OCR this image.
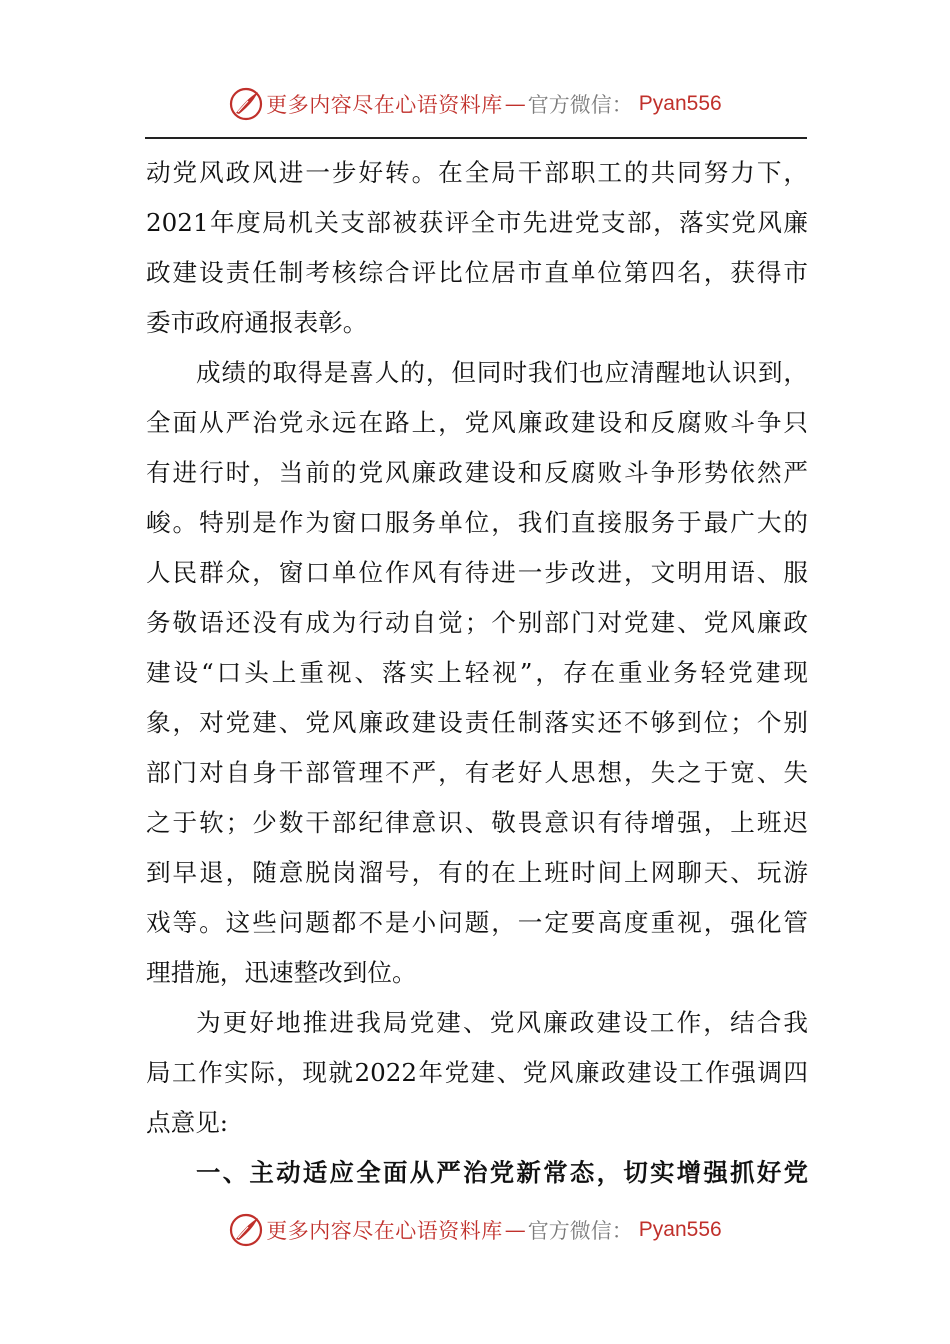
更多内容尽在心语资料库 — 官方微信： Pyan556
动党风政风进一步好转。在全局干部职工的共同努力下，
2021年度局机关支部被获评全市先进党支部，落实党风廉
政建设责任制考核综合评比位居市直单位第四名，获得市
委市政府通报表彰。
成绩的取得是喜人的，但同时我们也应清醒地认识到，
全面从严治党永远在路上，党风廉政建设和反腐败斗争只
有进行时，当前的党风廉政建设和反腐败斗争形势依然严
峻。特别是作为窗口服务单位，我们直接服务于最广大的
人民群众，窗口单位作风有待进一步改进，文明用语、服
务敬语还没有成为行动自觉；个别部门对党建、党风廉政
建设“口头上重视、落实上轻视”，存在重业务轻党建现
象，对党建、党风廉政建设责任制落实还不够到位；个别
部门对自身干部管理不严，有老好人思想，失之于宽、失
之于软；少数干部纪律意识、敬畏意识有待增强，上班迟
到早退，随意脱岗溜号，有的在上班时间上网聊天、玩游
戏等。这些问题都不是小问题，一定要高度重视，强化管
理措施，迅速整改到位。
为更好地推进我局党建、党风廉政建设工作，结合我
局工作实际，现就2022年党建、党风廉政建设工作强调四
点意见:
一、主动适应全面从严治党新常态，切实增强抓好党
更多内容尽在心语资料库 — 官方微信： Pyan556
